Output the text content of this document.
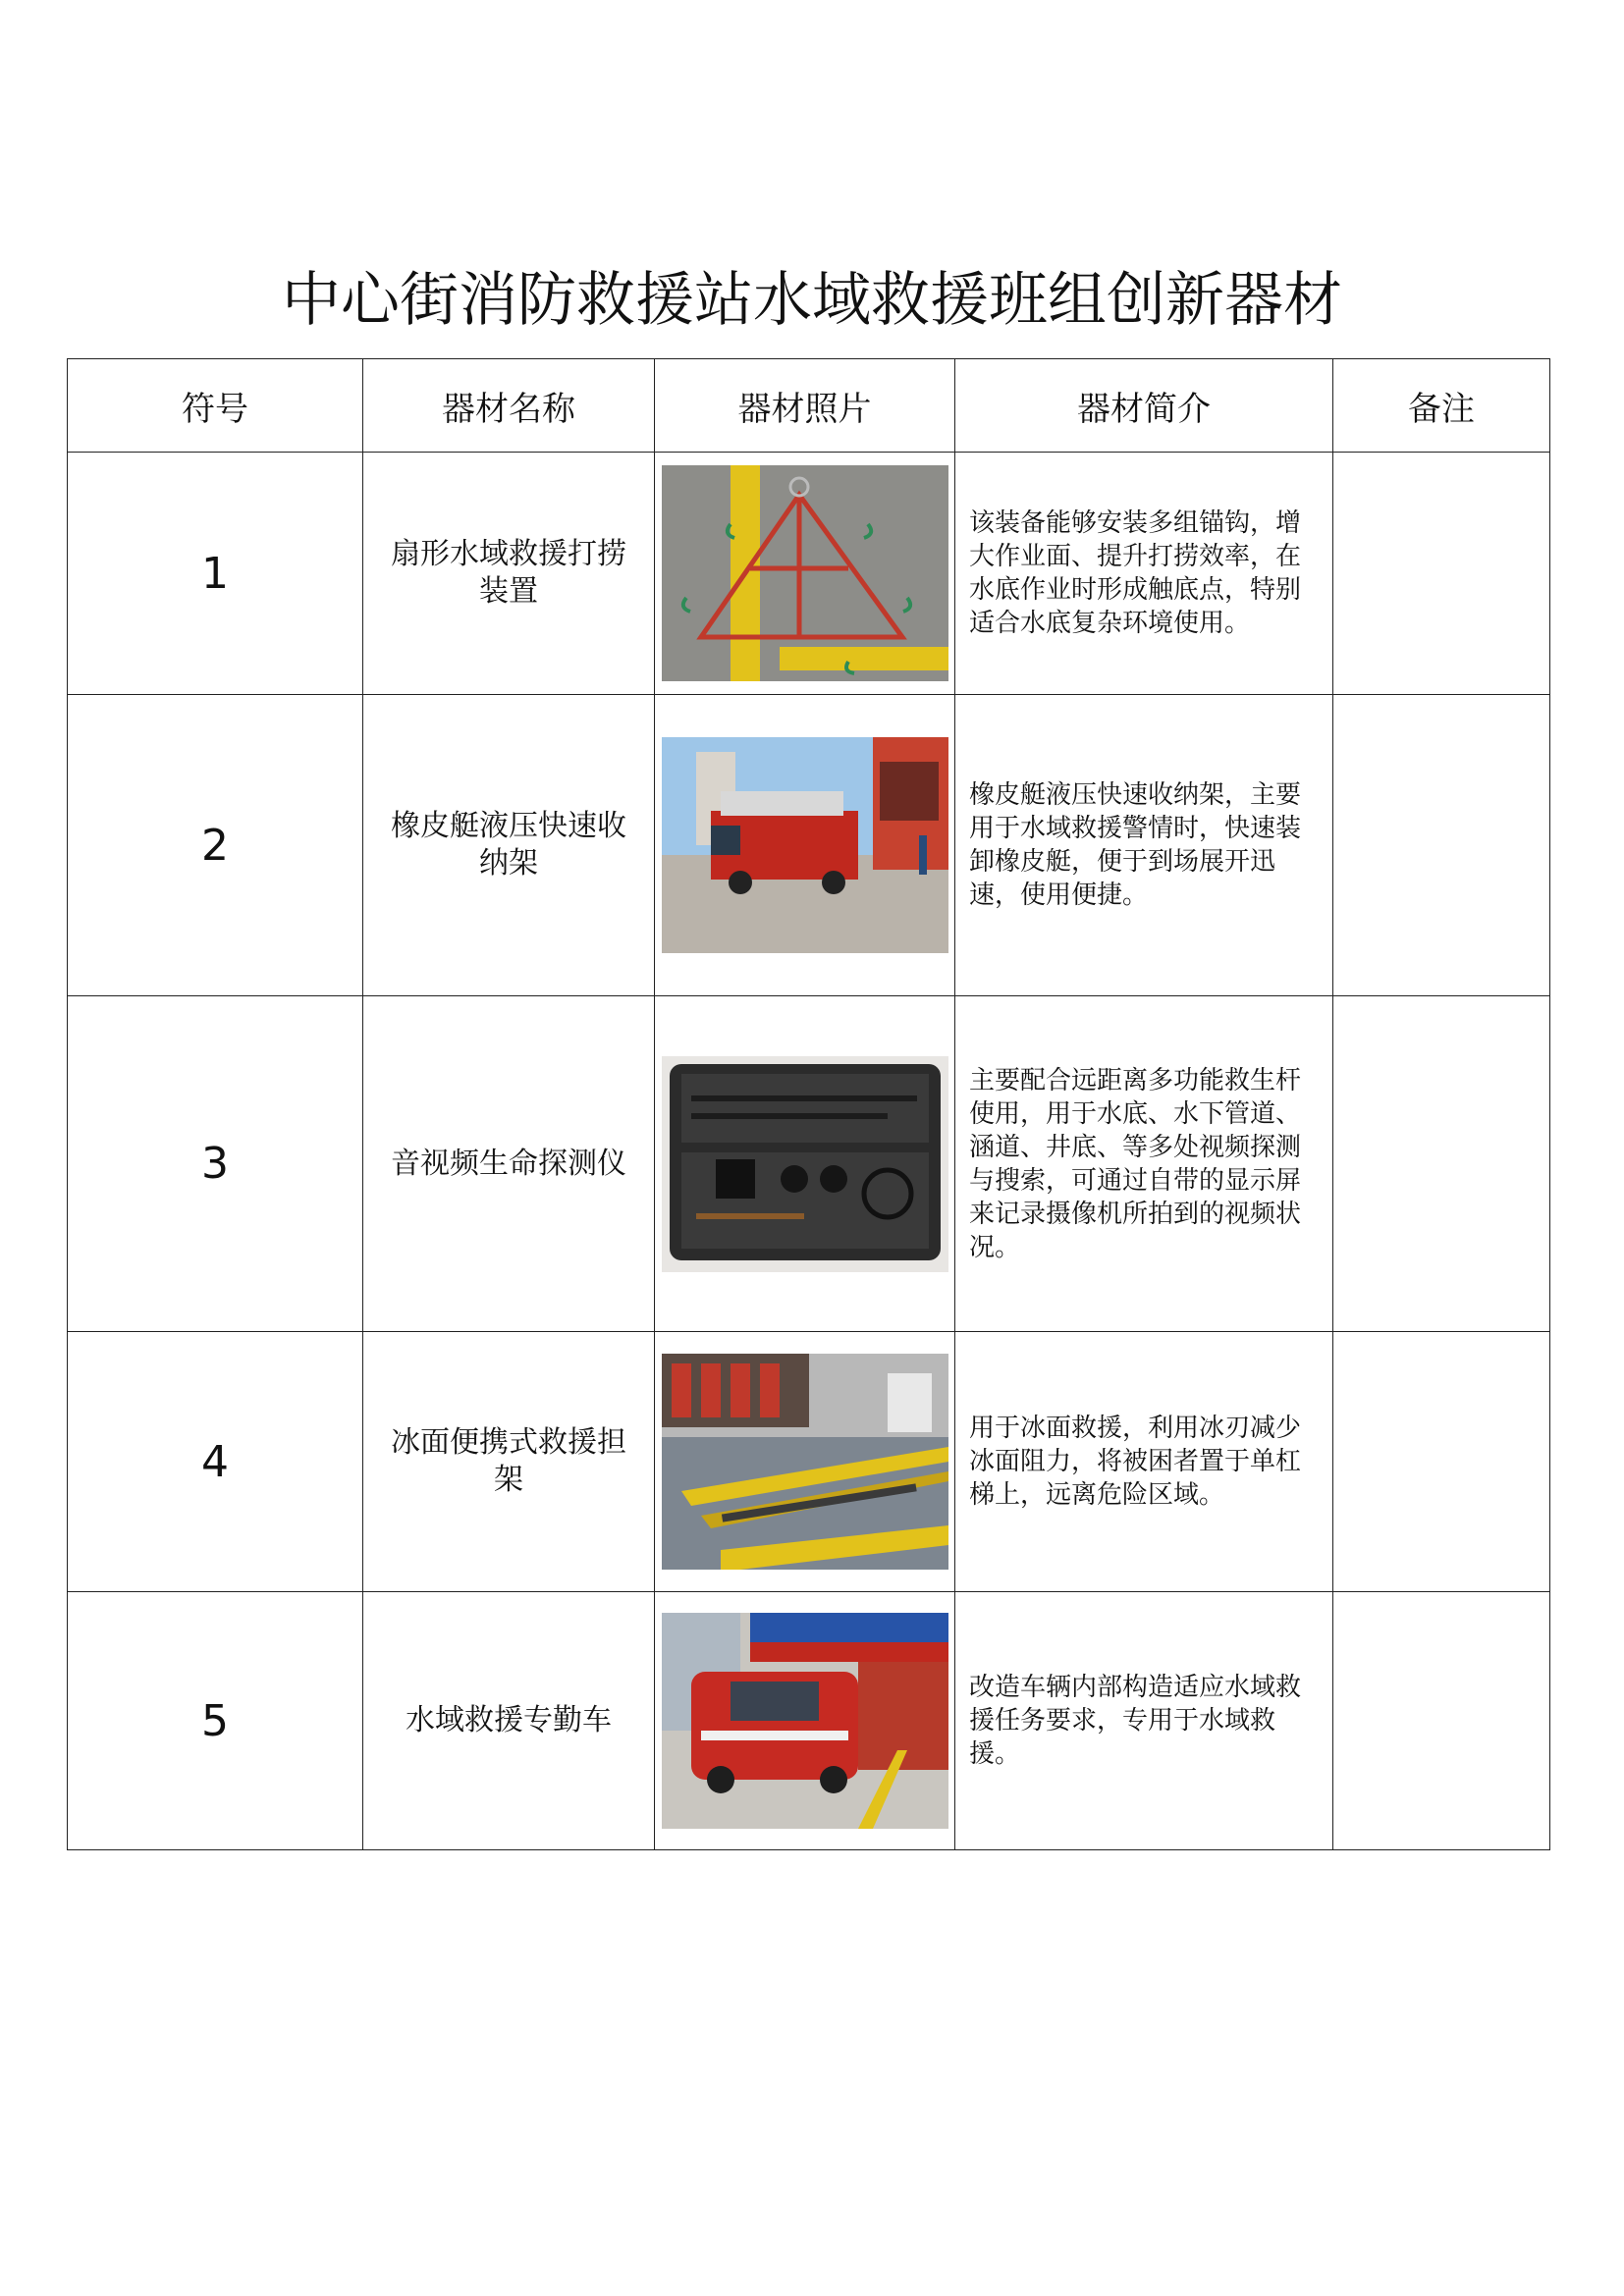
中心街消防救援站水域救援班组创新器材
符号	器材名称	器材照片	器材简介	备注
1	扇形水域救援打捞装置		该装备能够安装多组锚钩，增大作业面、提升打捞效率，在水底作业时形成触底点，特别适合水底复杂环境使用。	
2	橡皮艇液压快速收纳架		橡皮艇液压快速收纳架，主要用于水域救援警情时，快速装卸橡皮艇，便于到场展开迅速，使用便捷。	
3	音视频生命探测仪		主要配合远距离多功能救生杆使用，用于水底、水下管道、涵道、井底、等多处视频探测与搜索，可通过自带的显示屏来记录摄像机所拍到的视频状况。	
4	冰面便携式救援担架		用于冰面救援，利用冰刃减少冰面阻力，将被困者置于单杠梯上，远离危险区域。	
5	水域救援专勤车		改造车辆内部构造适应水域救援任务要求，专用于水域救援。	
